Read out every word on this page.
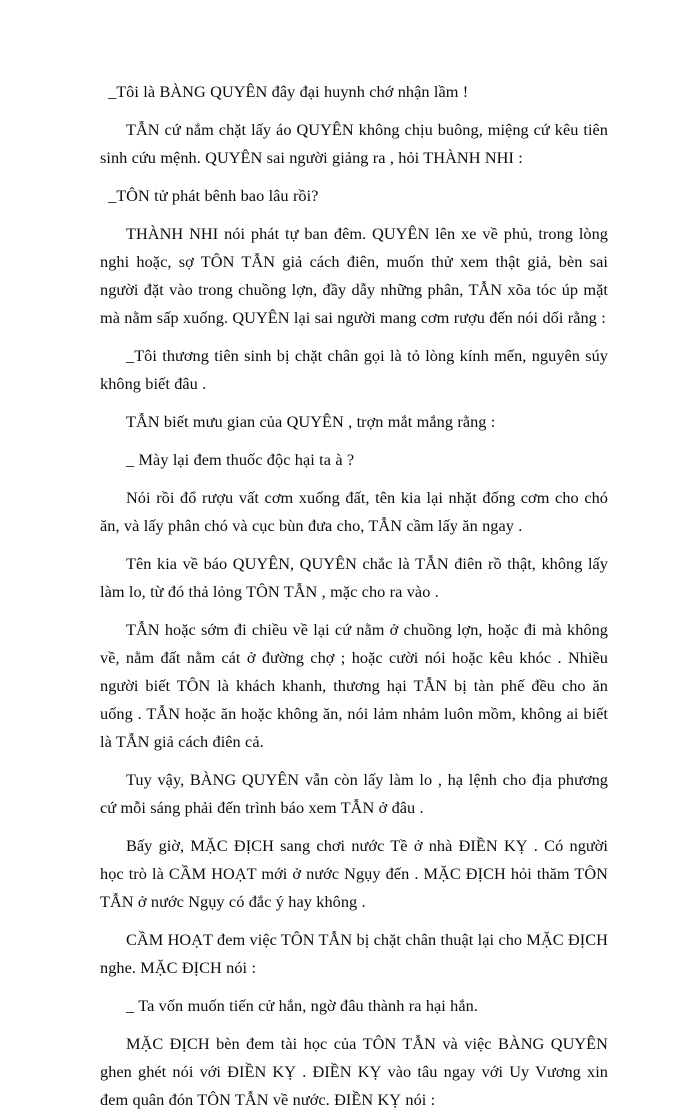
_Tôi là BÀNG QUYÊN đây đại huynh chớ nhận lầm !

TẪN cứ nắm chặt lấy áo QUYÊN không chịu buông, miệng cứ kêu tiên sinh cứu mệnh. QUYÊN sai người giảng ra , hỏi THÀNH NHI :

_TÔN tử phát bênh bao lâu rồi?

THÀNH NHI nói phát tự ban đêm. QUYÊN lên xe về phủ, trong lòng nghi hoặc, sợ TÔN TẪN giả cách điên, muốn thử xem thật giả, bèn sai người đặt vào trong chuồng lợn, đầy dẫy những phân, TẪN xõa tóc úp mặt mà nằm sấp xuống. QUYÊN lại sai người mang cơm rượu đến nói dối rằng :

_Tôi thương tiên sinh bị chặt chân gọi là tỏ lòng kính mến, nguyên súy không biết đâu .

TẪN biết mưu gian của QUYÊN , trợn mắt mắng rằng :

_ Mày lại đem thuốc độc hại ta à ?

Nói rồi đổ rượu vất cơm xuống đất, tên kia lại nhặt đống cơm cho chó ăn, và lấy phân chó và cục bùn đưa cho, TẪN cầm lấy ăn ngay .

Tên kia về báo QUYÊN, QUYÊN chắc là TẪN điên rồ thật, không lấy làm lo, từ đó thả lỏng TÔN TẪN , mặc cho ra vào .

TẪN hoặc sớm đi chiều về lại cứ nằm ở chuồng lợn, hoặc đi mà không về, nằm đất nằm cát ở đường chợ ; hoặc cười nói hoặc kêu khóc . Nhiều người biết TÔN là khách khanh, thương hại TẪN bị tàn phế đều cho ăn uống . TẪN hoặc ăn hoặc không ăn, nói lảm nhảm luôn mồm, không ai biết là TẪN giả cách điên cả.

Tuy vậy, BÀNG QUYÊN vẫn còn lấy làm lo , hạ lệnh cho địa phương cứ mỗi sáng phải đến trình báo xem TẪN ở đâu .

Bấy giờ, MẶC ĐỊCH sang chơi nước Tề ở nhà ĐIỀN KỴ . Có người học trò là CẦM HOẠT mới ở nước Ngụy đến . MẶC ĐỊCH hỏi thăm TÔN TẪN ở nước Ngụy có đắc ý hay không .

CẦM HOẠT đem việc TÔN TẪN bị chặt chân thuật lại cho MẶC ĐỊCH nghe. MẶC ĐỊCH nói :

_ Ta vốn muốn tiến cử hắn, ngờ đâu thành ra hại hắn.

MẶC ĐỊCH bèn đem tài học của TÔN TẪN và việc BÀNG QUYÊN ghen ghét nói với ĐIỀN KỴ . ĐIỀN KỴ vào tâu ngay với Uy Vương xin đem quân đón TÔN TẪN về nước. ĐIỀN KỴ nói :
